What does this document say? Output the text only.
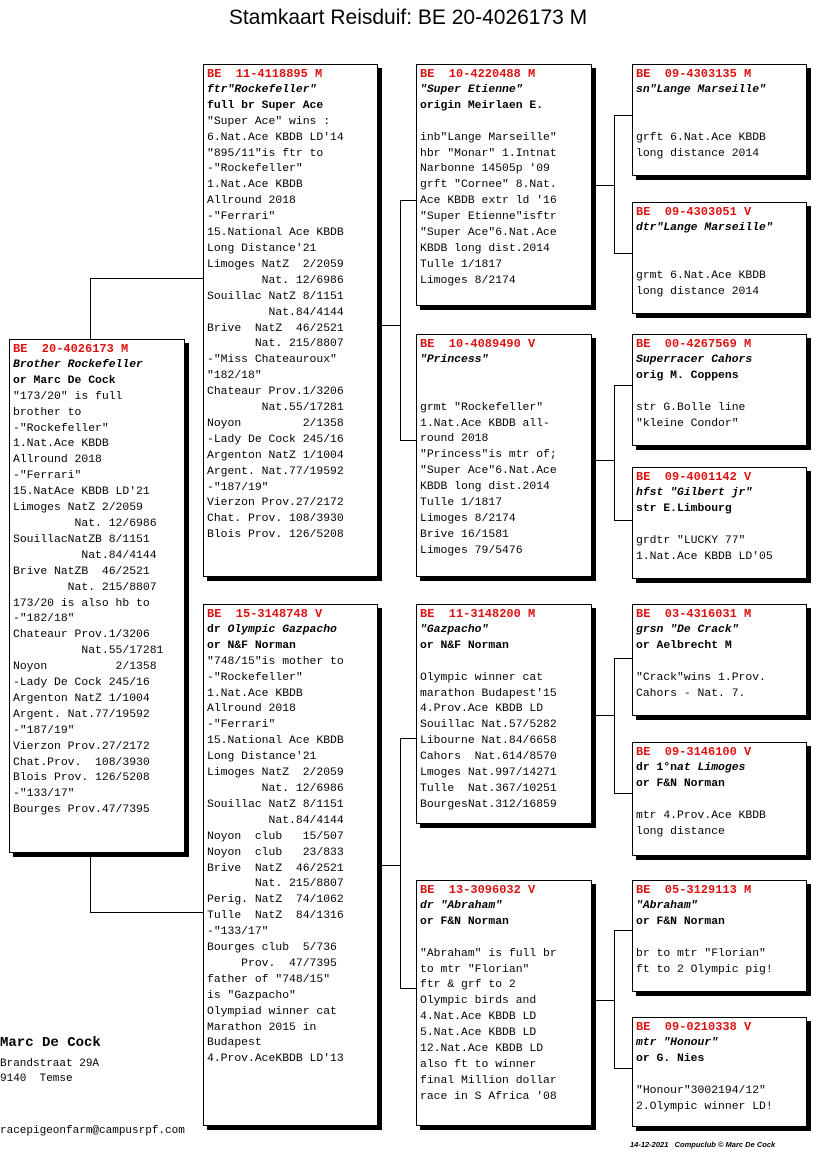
Stamkaart Reisduif: BE 20-4026173 M
BE  20-4026173 M
Brother Rockefeller
or Marc De Cock
"173/20" is full
brother to
-"Rockefeller"
1.Nat.Ace KBDB
Allround 2018
-"Ferrari"
15.NatAce KBDB LD'21
Limoges NatZ 2/2059
Nat. 12/6986
SouillacNatZB 8/1151
Nat.84/4144
Brive NatZB  46/2521
Nat. 215/8807
173/20 is also hb to
-"182/18"
Chateaur Prov.1/3206
Nat.55/17281
Noyon          2/1358
-Lady De Cock 245/16
Argenton NatZ 1/1004
Argent. Nat.77/19592
-"187/19"
Vierzon Prov.27/2172
Chat.Prov.  108/3930
Blois Prov. 126/5208
-"133/17"
Bourges Prov.47/7395
BE  11-4118895 M
ftr"Rockefeller"
full br Super Ace
"Super Ace" wins :
6.Nat.Ace KBDB LD'14
"895/11"is ftr to
-"Rockefeller"
1.Nat.Ace KBDB
Allround 2018
-"Ferrari"
15.National Ace KBDB
Long Distance'21
Limoges NatZ  2/2059
Nat. 12/6986
Souillac NatZ 8/1151
Nat.84/4144
Brive  NatZ  46/2521
Nat. 215/8807
-"Miss Chateauroux"
"182/18"
Chateaur Prov.1/3206
Nat.55/17281
Noyon         2/1358
-Lady De Cock 245/16
Argenton NatZ 1/1004
Argent. Nat.77/19592
-"187/19"
Vierzon Prov.27/2172
Chat. Prov. 108/3930
Blois Prov. 126/5208
BE  15-3148748 V
dr Olympic Gazpacho
or N&F Norman
"748/15"is mother to
-"Rockefeller"
1.Nat.Ace KBDB
Allround 2018
-"Ferrari"
15.National Ace KBDB
Long Distance'21
Limoges NatZ  2/2059
Nat. 12/6986
Souillac NatZ 8/1151
Nat.84/4144
Noyon  club   15/507
Noyon  club   23/833
Brive  NatZ  46/2521
Nat. 215/8807
Perig. NatZ  74/1062
Tulle  NatZ  84/1316
-"133/17"
Bourges club  5/736
Prov.  47/7395
father of "748/15"
is "Gazpacho"
Olympiad winner cat
Marathon 2015 in
Budapest
4.Prov.AceKBDB LD'13
BE  10-4220488 M
"Super Etienne"
origin Meirlaen E.
inb"Lange Marseille"
hbr "Monar" 1.Intnat
Narbonne 14505p '09
grft "Cornee" 8.Nat.
Ace KBDB extr ld '16
"Super Etienne"isftr
"Super Ace"6.Nat.Ace
KBDB long dist.2014
Tulle 1/1817
Limoges 8/2174
BE  10-4089490 V
"Princess"
grmt "Rockefeller"
1.Nat.Ace KBDB all-
round 2018
"Princess"is mtr of;
"Super Ace"6.Nat.Ace
KBDB long dist.2014
Tulle 1/1817
Limoges 8/2174
Brive 16/1581
Limoges 79/5476
BE  11-3148200 M
"Gazpacho"
or N&F Norman
Olympic winner cat
marathon Budapest'15
4.Prov.Ace KBDB LD
Souillac Nat.57/5282
Libourne Nat.84/6658
Cahors  Nat.614/8570
Lmoges Nat.997/14271
Tulle  Nat.367/10251
BourgesNat.312/16859
BE  13-3096032 V
dr "Abraham"
or F&N Norman
"Abraham" is full br
to mtr "Florian"
ftr & grf to 2
Olympic birds and
4.Nat.Ace KBDB LD
5.Nat.Ace KBDB LD
12.Nat.Ace KBDB LD
also ft to winner
final Million dollar
race in S Africa '08
BE  09-4303135 M
sn"Lange Marseille"
grft 6.Nat.Ace KBDB
long distance 2014
BE  09-4303051 V
dtr"Lange Marseille"
grmt 6.Nat.Ace KBDB
long distance 2014
BE  00-4267569 M
Superracer Cahors
orig M. Coppens
str G.Bolle line
"kleine Condor"
BE  09-4001142 V
hfst "Gilbert jr"
str E.Limbourg
grdtr "LUCKY 77"
1.Nat.Ace KBDB LD'05
BE  03-4316031 M
grsn "De Crack"
or Aelbrecht M
"Crack"wins 1.Prov.
Cahors - Nat. 7.
BE  09-3146100 V
dr 1°nat Limoges
or F&N Norman
mtr 4.Prov.Ace KBDB
long distance
BE  05-3129113 M
"Abraham"
or F&N Norman
br to mtr "Florian"
ft to 2 Olympic pig!
BE  09-0210338 V
mtr "Honour"
or G. Nies
"Honour"3002194/12"
2.Olympic winner LD!
Marc De Cock
Brandstraat 29A
9140  Temse
racepigeonfarm@campusrpf.com
14-12-2021   Compuclub © Marc De Cock
